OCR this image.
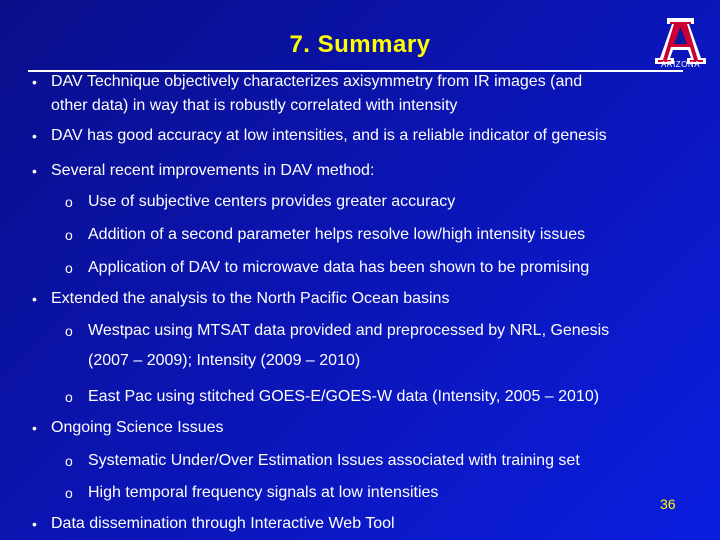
7. Summary
ARIZONA
• DAV Technique objectively characterizes axisymmetry from IR images (and
other data) in way that is robustly correlated with intensity
• DAV has good accuracy at low intensities, and is a reliable indicator of genesis
• Several recent improvements in DAV method:
o Use of subjective centers provides greater accuracy
o Addition of a second parameter helps resolve low/high intensity issues
o Application of DAV to microwave data has been shown to be promising
• Extended the analysis to the North Pacific Ocean basins
o Westpac using MTSAT data provided and preprocessed by NRL, Genesis
(2007 – 2009); Intensity (2009 – 2010)
o East Pac using stitched GOES-E/GOES-W data (Intensity, 2005 – 2010)
• Ongoing Science Issues
o Systematic Under/Over Estimation Issues associated with training set
o High temporal frequency signals at low intensities
• Data dissemination through Interactive Web Tool
36
